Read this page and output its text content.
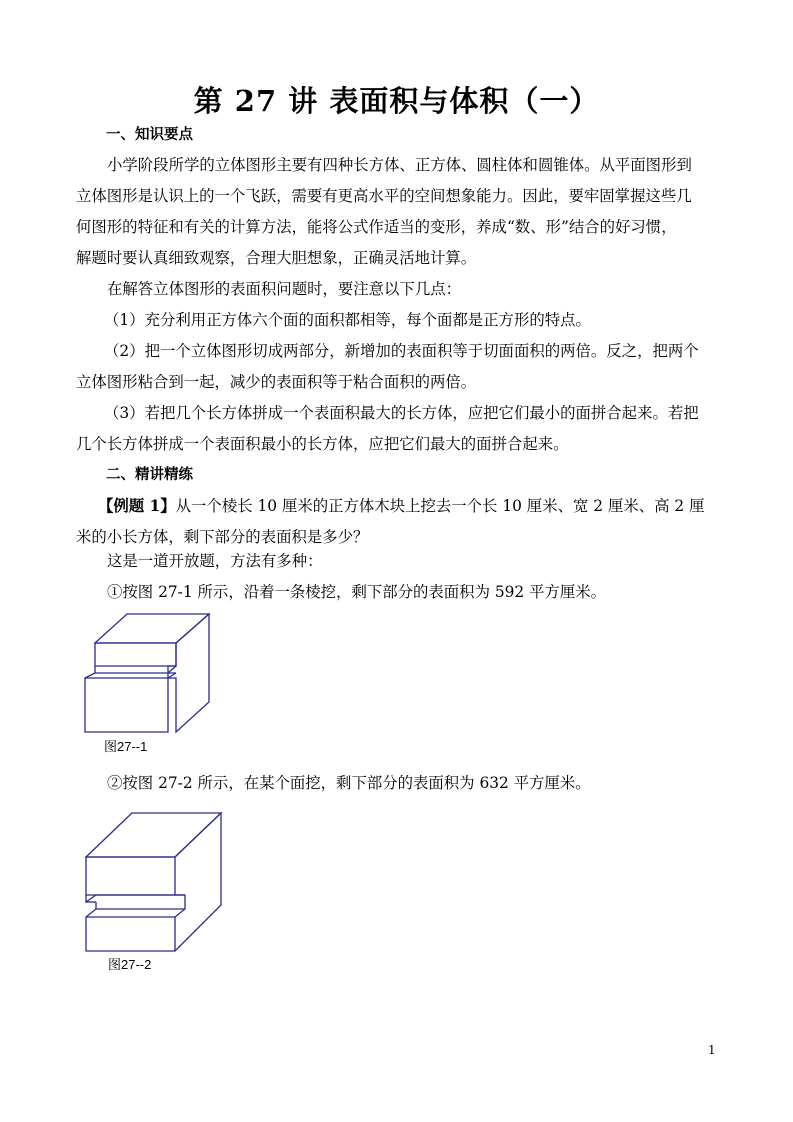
第 27 讲 表面积与体积（一）
一、知识要点
小学阶段所学的立体图形主要有四种长方体、正方体、圆柱体和圆锥体。从平面图形到
立体图形是认识上的一个飞跃，需要有更高水平的空间想象能力。因此，要牢固掌握这些几
何图形的特征和有关的计算方法，能将公式作适当的变形，养成“数、形”结合的好习惯，
解题时要认真细致观察，合理大胆想象，正确灵活地计算。
在解答立体图形的表面积问题时，要注意以下几点：
（1）充分利用正方体六个面的面积都相等，每个面都是正方形的特点。
（2）把一个立体图形切成两部分，新增加的表面积等于切面面积的两倍。反之，把两个
立体图形粘合到一起，减少的表面积等于粘合面积的两倍。
（3）若把几个长方体拼成一个表面积最大的长方体，应把它们最小的面拼合起来。若把
几个长方体拼成一个表面积最小的长方体，应把它们最大的面拼合起来。
二、精讲精练
【例题 1】从一个棱长 10 厘米的正方体木块上挖去一个长 10 厘米、宽 2 厘米、高 2 厘
米的小长方体，剩下部分的表面积是多少？
这是一道开放题，方法有多种：
①按图 27-1 所示，沿着一条棱挖，剩下部分的表面积为 592 平方厘米。
图27--1
②按图 27-2 所示，在某个面挖，剩下部分的表面积为 632 平方厘米。
图27--2
1
